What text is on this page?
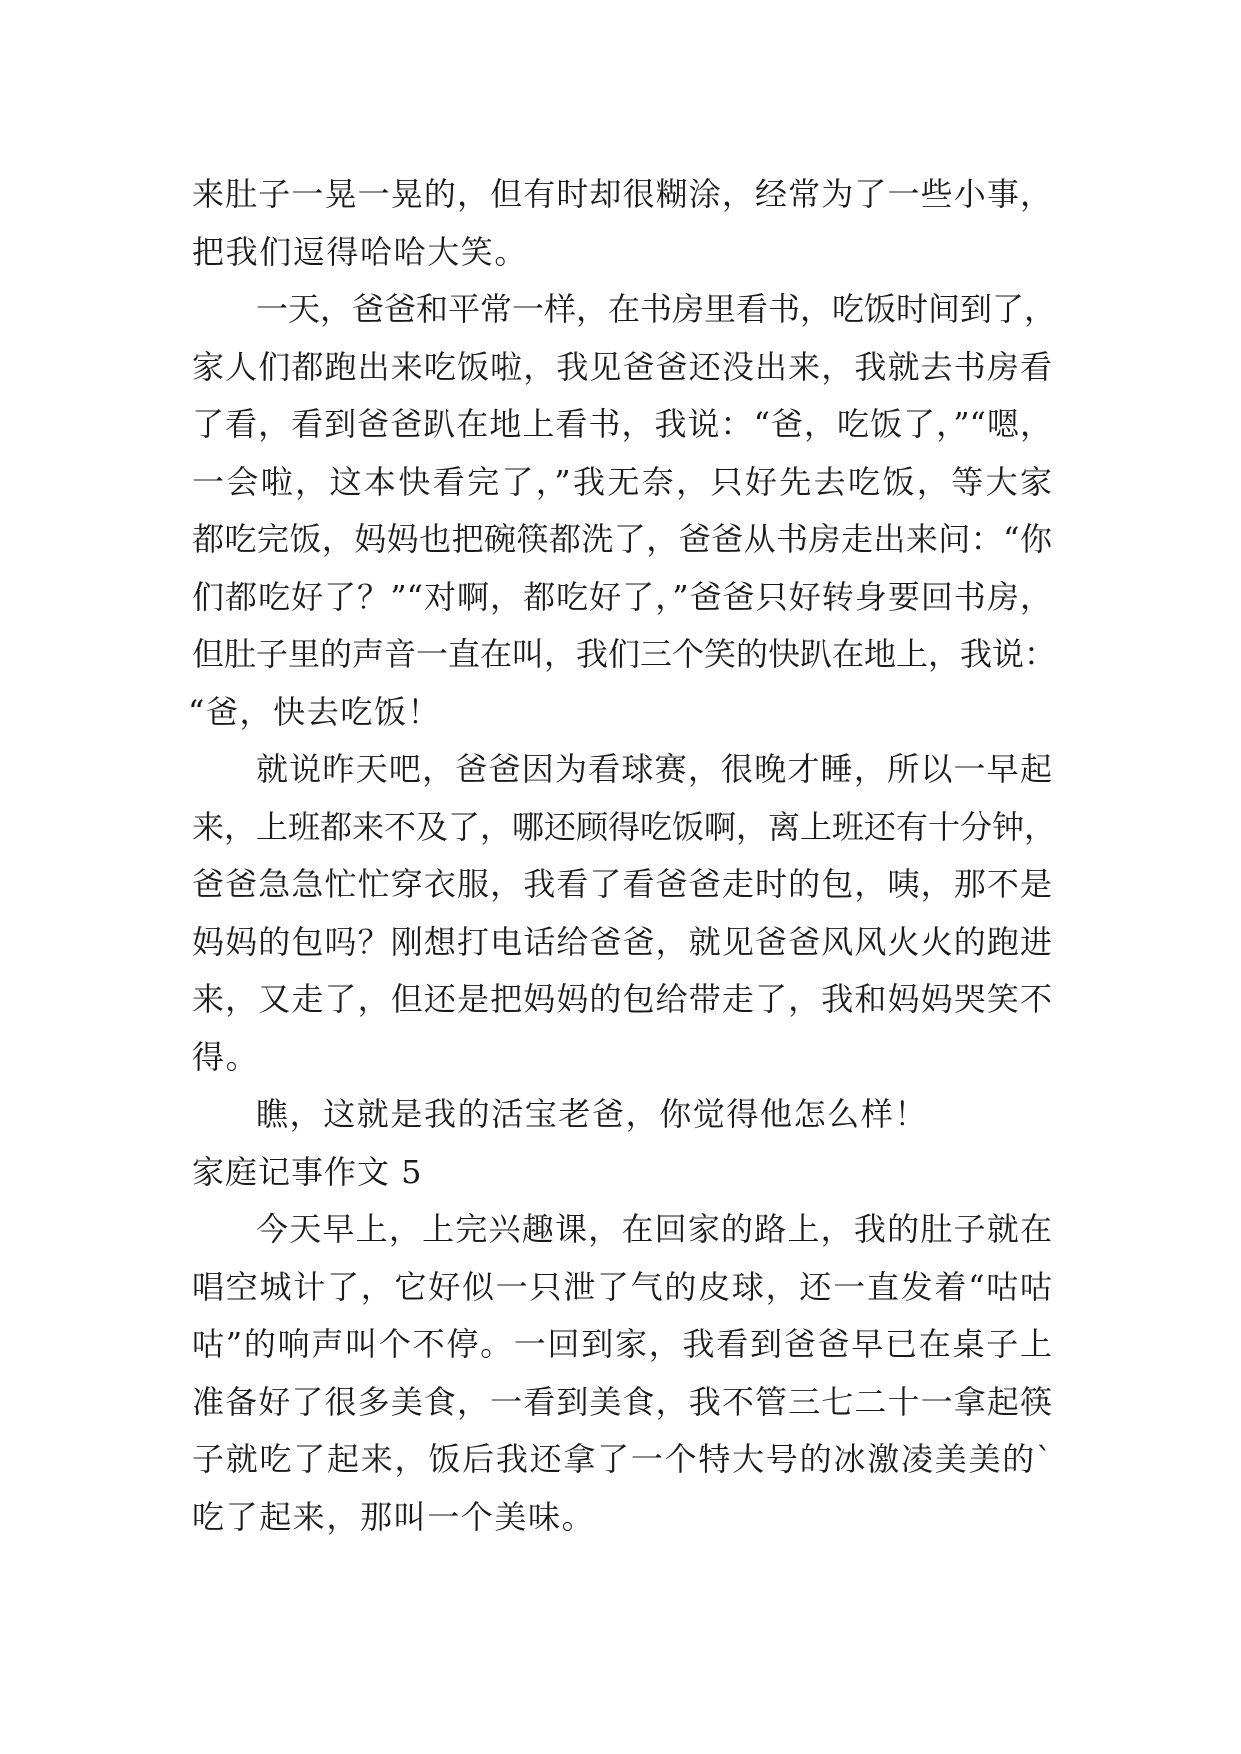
来肚子一晃一晃的，但有时却很糊涂，经常为了一些小事，
把我们逗得哈哈大笑。
一天，爸爸和平常一样，在书房里看书，吃饭时间到了，
家人们都跑出来吃饭啦，我见爸爸还没出来，我就去书房看
了看，看到爸爸趴在地上看书，我说：“爸，吃饭了，”“嗯，
一会啦，这本快看完了，”我无奈，只好先去吃饭，等大家
都吃完饭，妈妈也把碗筷都洗了，爸爸从书房走出来问：“你
们都吃好了？”“对啊，都吃好了，”爸爸只好转身要回书房，
但肚子里的声音一直在叫，我们三个笑的快趴在地上，我说：
“爸，快去吃饭！
就说昨天吧，爸爸因为看球赛，很晚才睡，所以一早起
来，上班都来不及了，哪还顾得吃饭啊，离上班还有十分钟，
爸爸急急忙忙穿衣服，我看了看爸爸走时的包，咦，那不是
妈妈的包吗？刚想打电话给爸爸，就见爸爸风风火火的跑进
来，又走了，但还是把妈妈的包给带走了，我和妈妈哭笑不
得。
瞧，这就是我的活宝老爸，你觉得他怎么样！
家庭记事作文 5
今天早上，上完兴趣课，在回家的路上，我的肚子就在
唱空城计了，它好似一只泄了气的皮球，还一直发着“咕咕
咕”的响声叫个不停。一回到家，我看到爸爸早已在桌子上
准备好了很多美食，一看到美食，我不管三七二十一拿起筷
子就吃了起来，饭后我还拿了一个特大号的冰激凌美美的`
吃了起来，那叫一个美味。
